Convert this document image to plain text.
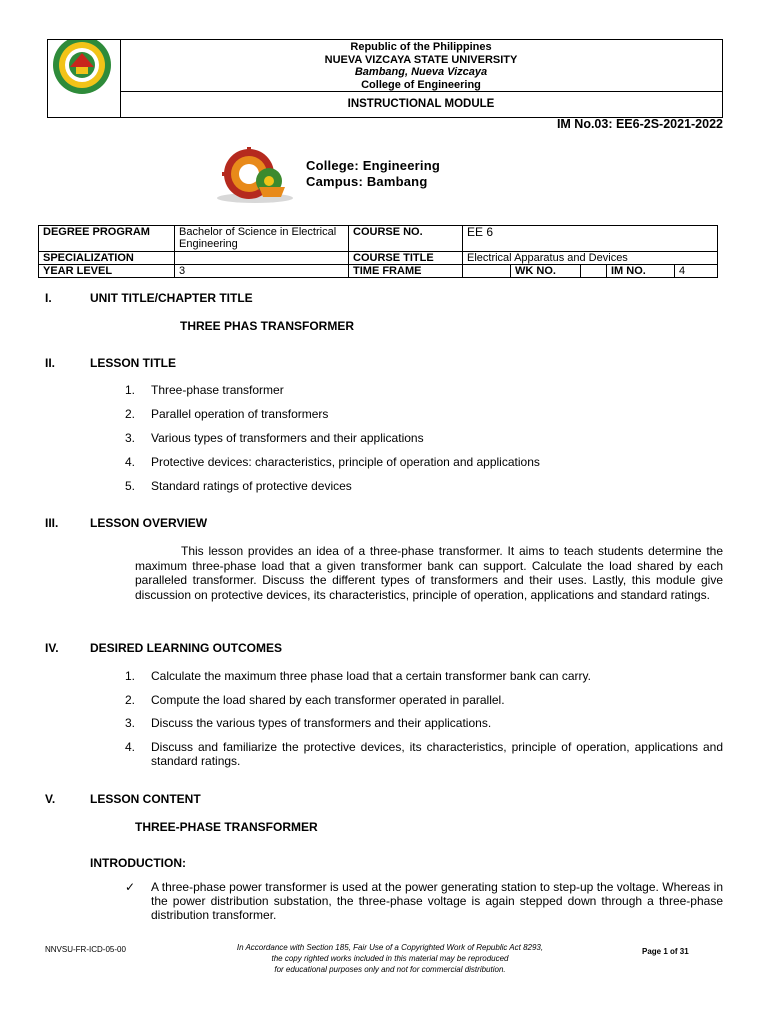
Republic of the Philippines
NUEVA VIZCAYA STATE UNIVERSITY
Bambang, Nueva Vizcaya
College of Engineering
INSTRUCTIONAL MODULE
IM No.03: EE6-2S-2021-2022
College: Engineering
Campus: Bambang
DEGREE PROGRAM	Bachelor of Science in Electrical Engineering	COURSE NO.	EE 6				
SPECIALIZATION		COURSE TITLE	Electrical Apparatus and Devices				
YEAR LEVEL	3	TIME FRAME		WK NO.		IM NO.	4
I.	UNIT TITLE/CHAPTER TITLE
THREE PHAS TRANSFORMER
II.	LESSON TITLE
1. Three-phase transformer
2. Parallel operation of transformers
3. Various types of transformers and their applications
4. Protective devices: characteristics, principle of operation and applications
5. Standard ratings of protective devices
III.	LESSON OVERVIEW
This lesson provides an idea of a three-phase transformer. It aims to teach students determine the maximum three-phase load that a given transformer bank can support. Calculate the load shared by each paralleled transformer. Discuss the different types of transformers and their uses. Lastly, this module give discussion on protective devices, its characteristics, principle of operation, applications and standard ratings.
IV.	DESIRED LEARNING OUTCOMES
1. Calculate the maximum three phase load that a certain transformer bank can carry.
2. Compute the load shared by each transformer operated in parallel.
3. Discuss the various types of transformers and their applications.
4. Discuss and familiarize the protective devices, its characteristics, principle of operation, applications and standard ratings.
V.	LESSON CONTENT
THREE-PHASE TRANSFORMER
INTRODUCTION:
✓ A three-phase power transformer is used at the power generating station to step-up the voltage. Whereas in the power distribution substation, the three-phase voltage is again stepped down through a three-phase distribution transformer.
NNVSU-FR-ICD-05-00	In Accordance with Section 185, Fair Use of a Copyrighted Work of Republic Act 8293,
the copy righted works included in this material may be reproduced
for educational purposes only and not for commercial distribution.
Page 1 of 31
